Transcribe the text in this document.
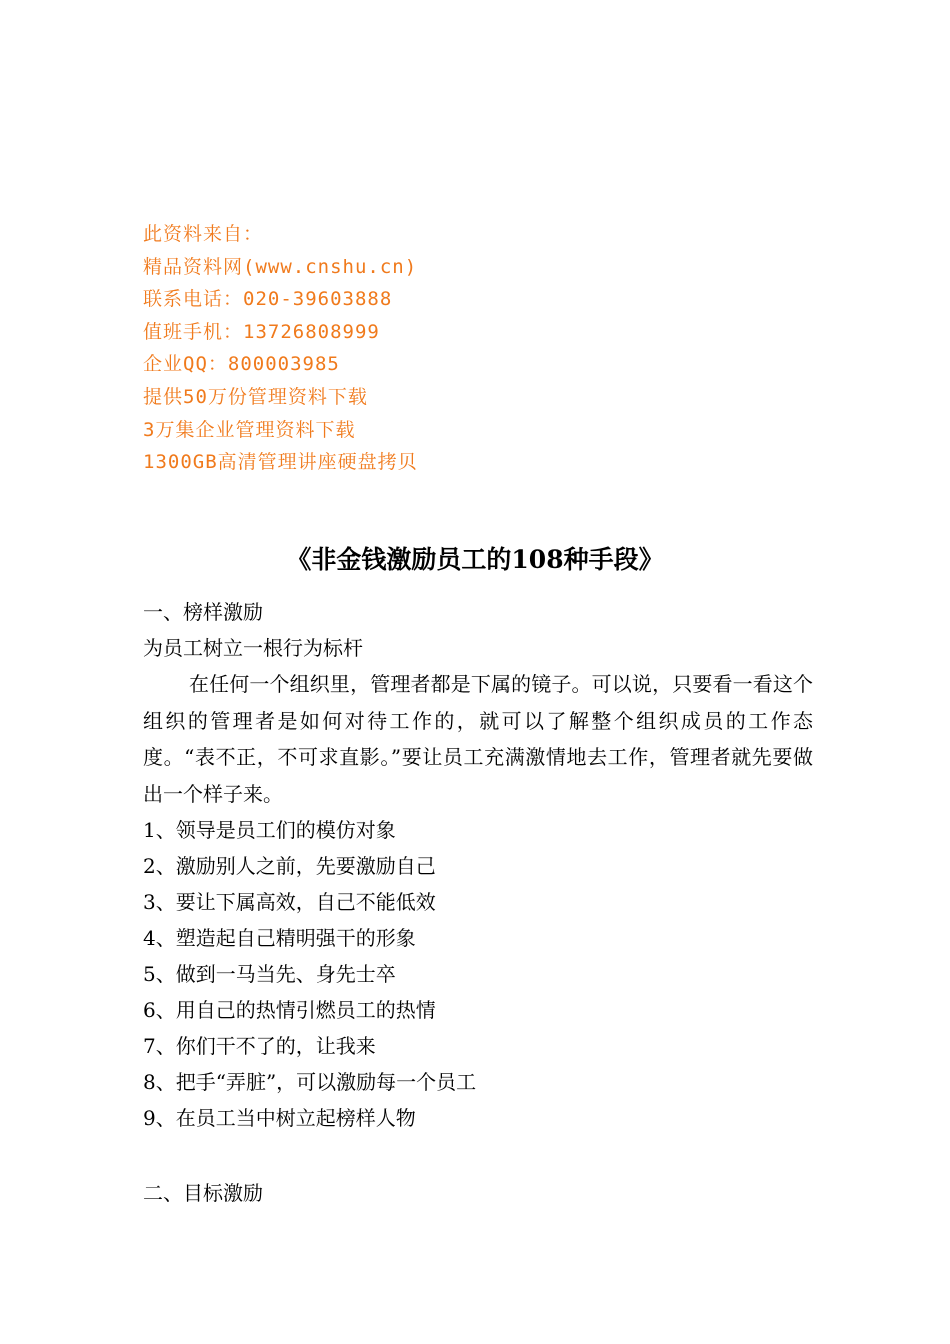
此资料来自：
精品资料网(www.cnshu.cn)
联系电话：020-39603888
值班手机：13726808999
企业QQ：800003985
提供50万份管理资料下载
3万集企业管理资料下载
1300GB高清管理讲座硬盘拷贝
《非金钱激励员工的108种手段》
一、榜样激励
为员工树立一根行为标杆

在任何一个组织里，管理者都是下属的镜子。可以说，只要看一看这个组织的管理者是如何对待工作的，就可以了解整个组织成员的工作态度。“表不正，不可求直影。”要让员工充满激情地去工作，管理者就先要做出一个样子来。

1、领导是员工们的模仿对象
2、激励别人之前，先要激励自己
3、要让下属高效，自己不能低效
4、塑造起自己精明强干的形象
5、做到一马当先、身先士卒
6、用自己的热情引燃员工的热情
7、你们干不了的，让我来
8、把手“弄脏”，可以激励每一个员工
9、在员工当中树立起榜样人物
二、目标激励
